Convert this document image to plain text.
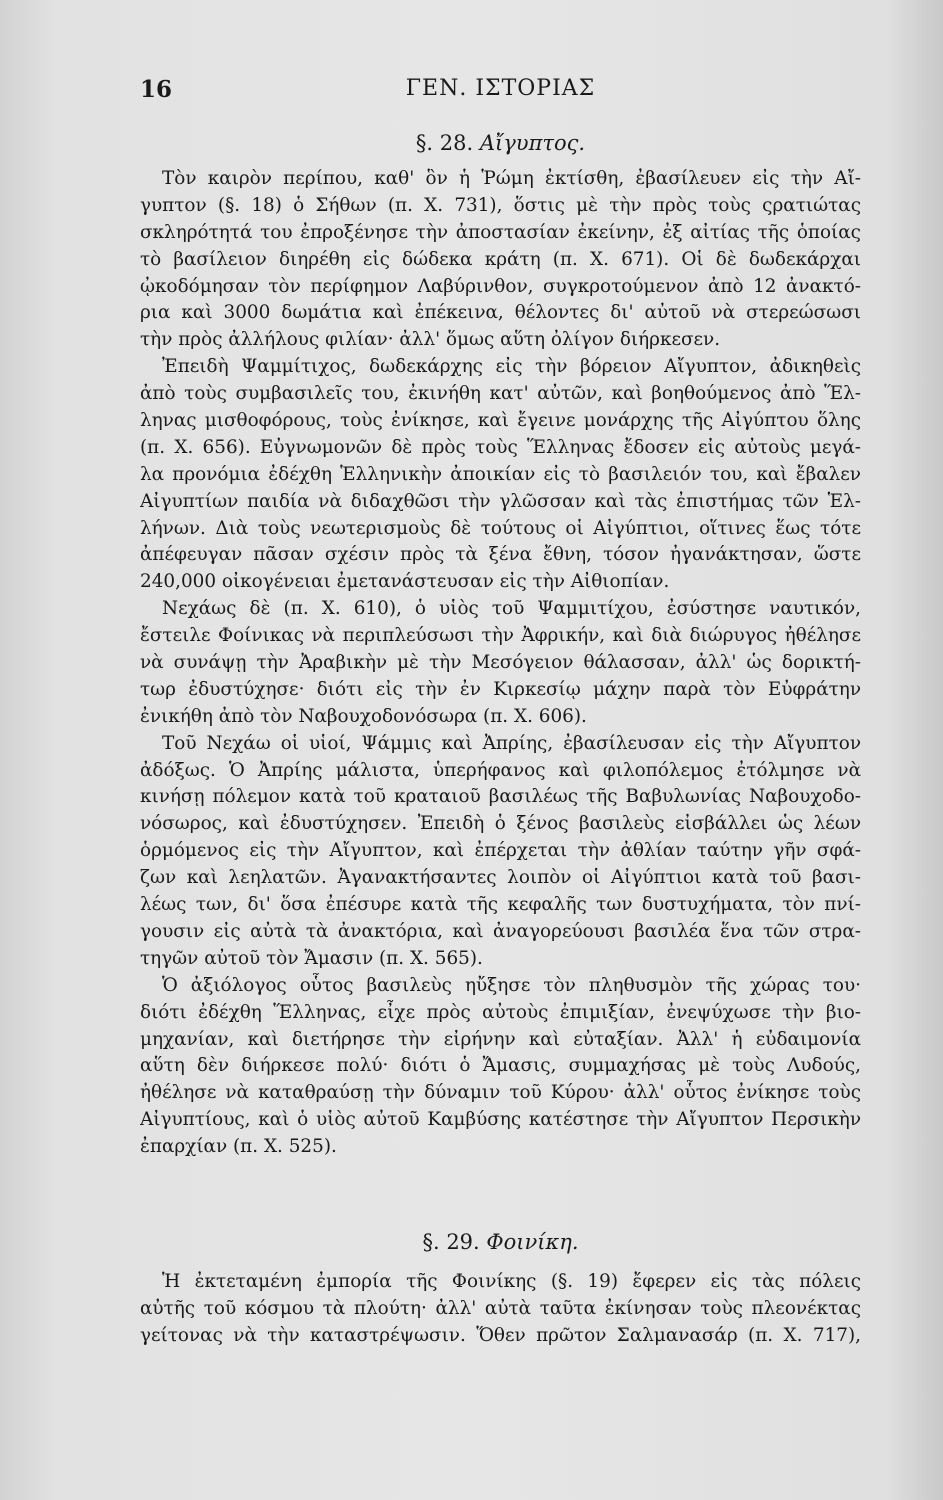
16	ΓΕΝ. ΙΣΤΟΡΙΑΣ
§. 28. Αἴγυπτος.
Τὸν καιρὸν περίπου, καθ' ὃν ἡ Ῥώμη ἐκτίσθη, ἐβασίλευεν εἰς τὴν Αἴ-
γυπτον (§. 18) ὁ Σήθων (π. Χ. 731), ὅστις μὲ τὴν πρὸς τοὺς ςρατιώτας
σκληρότητά του ἐπροξένησε τὴν ἀποστασίαν ἐκείνην, ἐξ αἰτίας τῆς ὁποίας
τὸ βασίλειον διηρέθη εἰς δώδεκα κράτη (π. Χ. 671). Οἱ δὲ δωδεκάρχαι
ᾠκοδόμησαν τὸν περίφημον Λαβύρινθον, συγκροτούμενον ἀπὸ 12 ἀνακτό-
ρια καὶ 3000 δωμάτια καὶ ἐπέκεινα, θέλοντες δι' αὐτοῦ νὰ στερεώσωσι
τὴν πρὸς ἀλλήλους φιλίαν· ἀλλ' ὅμως αὕτη ὀλίγον διήρκεσεν.
Ἐπειδὴ Ψαμμίτιχος, δωδεκάρχης εἰς τὴν βόρειον Αἴγυπτον, ἀδικηθεὶς
ἀπὸ τοὺς συμβασιλεῖς του, ἐκινήθη κατ' αὐτῶν, καὶ βοηθούμενος ἀπὸ Ἕλ-
ληνας μισθοφόρους, τοὺς ἐνίκησε, καὶ ἔγεινε μονάρχης τῆς Αἰγύπτου ὅλης
(π. Χ. 656). Εὐγνωμονῶν δὲ πρὸς τοὺς Ἕλληνας ἔδοσεν εἰς αὐτοὺς μεγά-
λα προνόμια ἐδέχθη Ἑλληνικὴν ἀποικίαν εἰς τὸ βασιλειόν του, καὶ ἔβαλεν
Αἰγυπτίων παιδία νὰ διδαχθῶσι τὴν γλῶσσαν καὶ τὰς ἐπιστήμας τῶν Ἑλ-
λήνων. Διὰ τοὺς νεωτερισμοὺς δὲ τούτους οἱ Αἰγύπτιοι, οἵτινες ἕως τότε
ἀπέφευγαν πᾶσαν σχέσιν πρὸς τὰ ξένα ἔθνη, τόσον ἠγανάκτησαν, ὥστε
240,000 οἰκογένειαι ἐμετανάστευσαν εἰς τὴν Αἰθιοπίαν.
Νεχάως δὲ (π. Χ. 610), ὁ υἱὸς τοῦ Ψαμμιτίχου, ἐσύστησε ναυτικόν,
ἔστειλε Φοίνικας νὰ περιπλεύσωσι τὴν Ἀφρικήν, καὶ διὰ διώρυγος ἠθέλησε
νὰ συνάψῃ τὴν Ἀραβικὴν μὲ τὴν Μεσόγειον θάλασσαν, ἀλλ' ὡς δορικτή-
τωρ ἐδυστύχησε· διότι εἰς τὴν ἐν Κιρκεσίῳ μάχην παρὰ τὸν Εὐφράτην
ἐνικήθη ἀπὸ τὸν Ναβουχοδονόσωρα (π. Χ. 606).
Τοῦ Νεχάω οἱ υἱοί, Ψάμμις καὶ Ἀπρίης, ἐβασίλευσαν εἰς τὴν Αἴγυπτον
ἀδόξως. Ὁ Ἀπρίης μάλιστα, ὑπερήφανος καὶ φιλοπόλεμος ἐτόλμησε νὰ
κινήσῃ πόλεμον κατὰ τοῦ κραταιοῦ βασιλέως τῆς Βαβυλωνίας Ναβουχοδο-
νόσωρος, καὶ ἐδυστύχησεν. Ἐπειδὴ ὁ ξένος βασιλεὺς εἰσβάλλει ὡς λέων
ὁρμόμενος εἰς τὴν Αἴγυπτον, καὶ ἐπέρχεται τὴν ἀθλίαν ταύτην γῆν σφά-
ζων καὶ λεηλατῶν. Ἀγανακτήσαντες λοιπὸν οἱ Αἰγύπτιοι κατὰ τοῦ βασι-
λέως των, δι' ὅσα ἐπέσυρε κατὰ τῆς κεφαλῆς των δυστυχήματα, τὸν πνί-
γουσιν εἰς αὐτὰ τὰ ἀνακτόρια, καὶ ἀναγορεύουσι βασιλέα ἕνα τῶν στρα-
τηγῶν αὐτοῦ τὸν Ἄμασιν (π. Χ. 565).
Ὁ ἀξιόλογος οὗτος βασιλεὺς ηὔξησε τὸν πληθυσμὸν τῆς χώρας του·
διότι ἐδέχθη Ἕλληνας, εἶχε πρὸς αὐτοὺς ἐπιμιξίαν, ἐνεψύχωσε τὴν βιο-
μηχανίαν, καὶ διετήρησε τὴν εἰρήνην καὶ εὐταξίαν. Ἀλλ' ἡ εὐδαιμονία
αὕτη δὲν διήρκεσε πολύ· διότι ὁ Ἄμασις, συμμαχήσας μὲ τοὺς Λυδούς,
ἠθέλησε νὰ καταθραύσῃ τὴν δύναμιν τοῦ Κύρου· ἀλλ' οὗτος ἐνίκησε τοὺς
Αἰγυπτίους, καὶ ὁ υἱὸς αὐτοῦ Καμβύσης κατέστησε τὴν Αἴγυπτον Περσικὴν
ἐπαρχίαν (π. Χ. 525).
§. 29. Φοινίκη.
Ἡ ἐκτεταμένη ἐμπορία τῆς Φοινίκης (§. 19) ἔφερεν εἰς τὰς πόλεις
αὐτῆς τοῦ κόσμου τὰ πλούτη· ἀλλ' αὐτὰ ταῦτα ἐκίνησαν τοὺς πλεονέκτας
γείτονας νὰ τὴν καταστρέψωσιν. Ὅθεν πρῶτον Σαλμανασάρ (π. Χ. 717),
